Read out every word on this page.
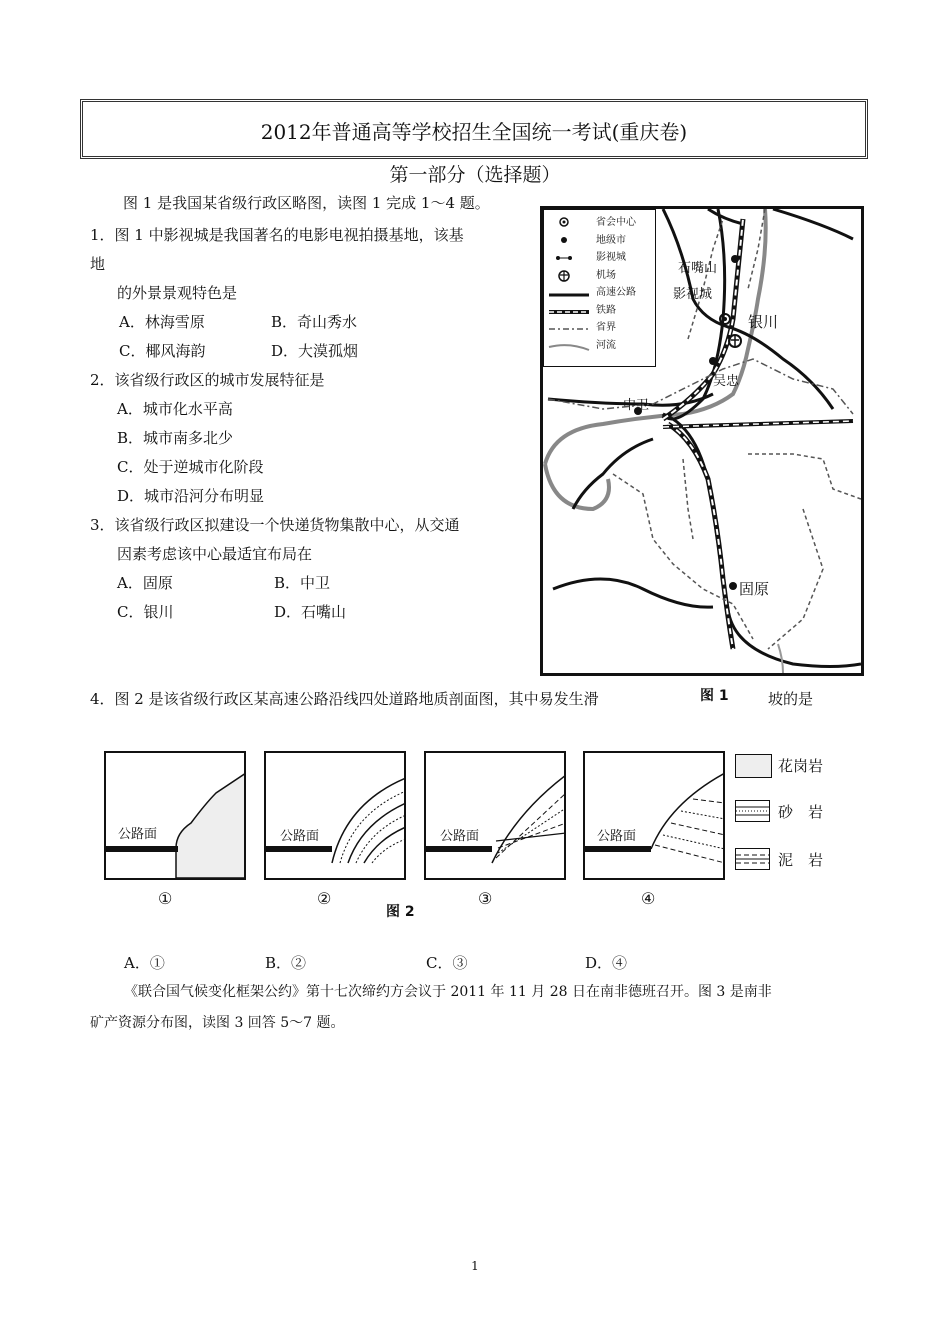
2012年普通高等学校招生全国统一考试(重庆卷)
第一部分（选择题）
图 1 是我国某省级行政区略图，读图 1 完成 1～4 题。
1．图 1 中影视城是我国著名的电影电视拍摄基地，该基
地
的外景景观特色是
A．林海雪原	B．奇山秀水
C．椰风海韵	D．大漠孤烟
2．该省级行政区的城市发展特征是
A．城市化水平高
B．城市南多北少
C．处于逆城市化阶段
D．城市沿河分布明显
3．该省级行政区拟建设一个快递货物集散中心，从交通
因素考虑该中心最适宜布局在
A．固原	B．中卫
C．银川	D．石嘴山
石嘴山
影视城
银川
吴忠
中卫
固原
省会中心
地级市
影视城
机场
高速公路
铁路
省界
河流
4．图 2 是该省级行政区某高速公路沿线四处道路地质剖面图，其中易发生滑	图 1	坡的是
公路面	公路面	公路面	公路面
①	②	③	④
图 2
花岗岩
砂　岩
泥　岩
A．①	B．②	C．③	D．④
《联合国气候变化框架公约》第十七次缔约方会议于 2011 年 11 月 28 日在南非德班召开。图 3 是南非
矿产资源分布图，读图 3 回答 5～7 题。
1
